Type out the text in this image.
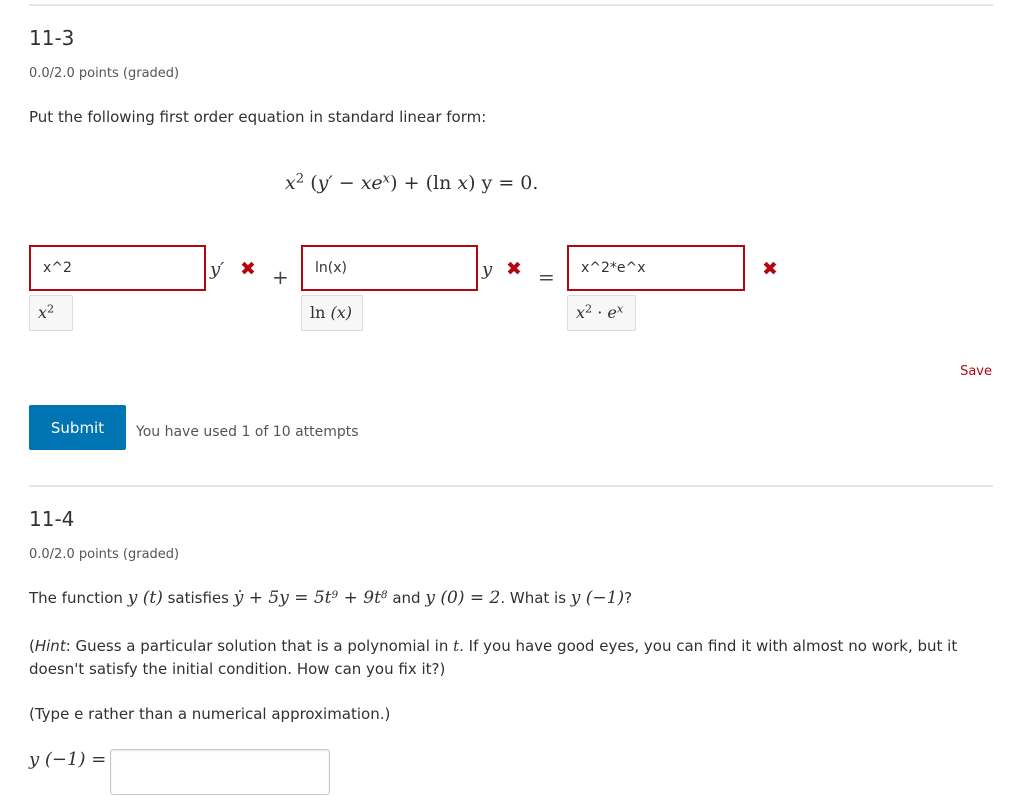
11-3
0.0/2.0 points (graded)
Put the following first order equation in standard linear form:
$x^2$ $(y' - xe^x) + (\ln$ x) y = 0.
x^2	y′ ✖
$x^2$
+	ln(x)	y ✖
ln (x)
=	x^2*e^x	✖
$x^2 \cdot e^x$
Save
Submit	You have used 1 of 10 attempts
11-4
0.0/2.0 points (graded)
The function y (t) satisfies ẏ + $5y = 5t^9 + 9t^8$ and y (0) = 2. What is y (−1)?
(Hint: Guess a particular solution that is a polynomial in t. If you have good eyes, you can find it with almost no work, but it doesn't satisfy the initial condition. How can you fix it?)
(Type e rather than a numerical approximation.)
y (−1) =
